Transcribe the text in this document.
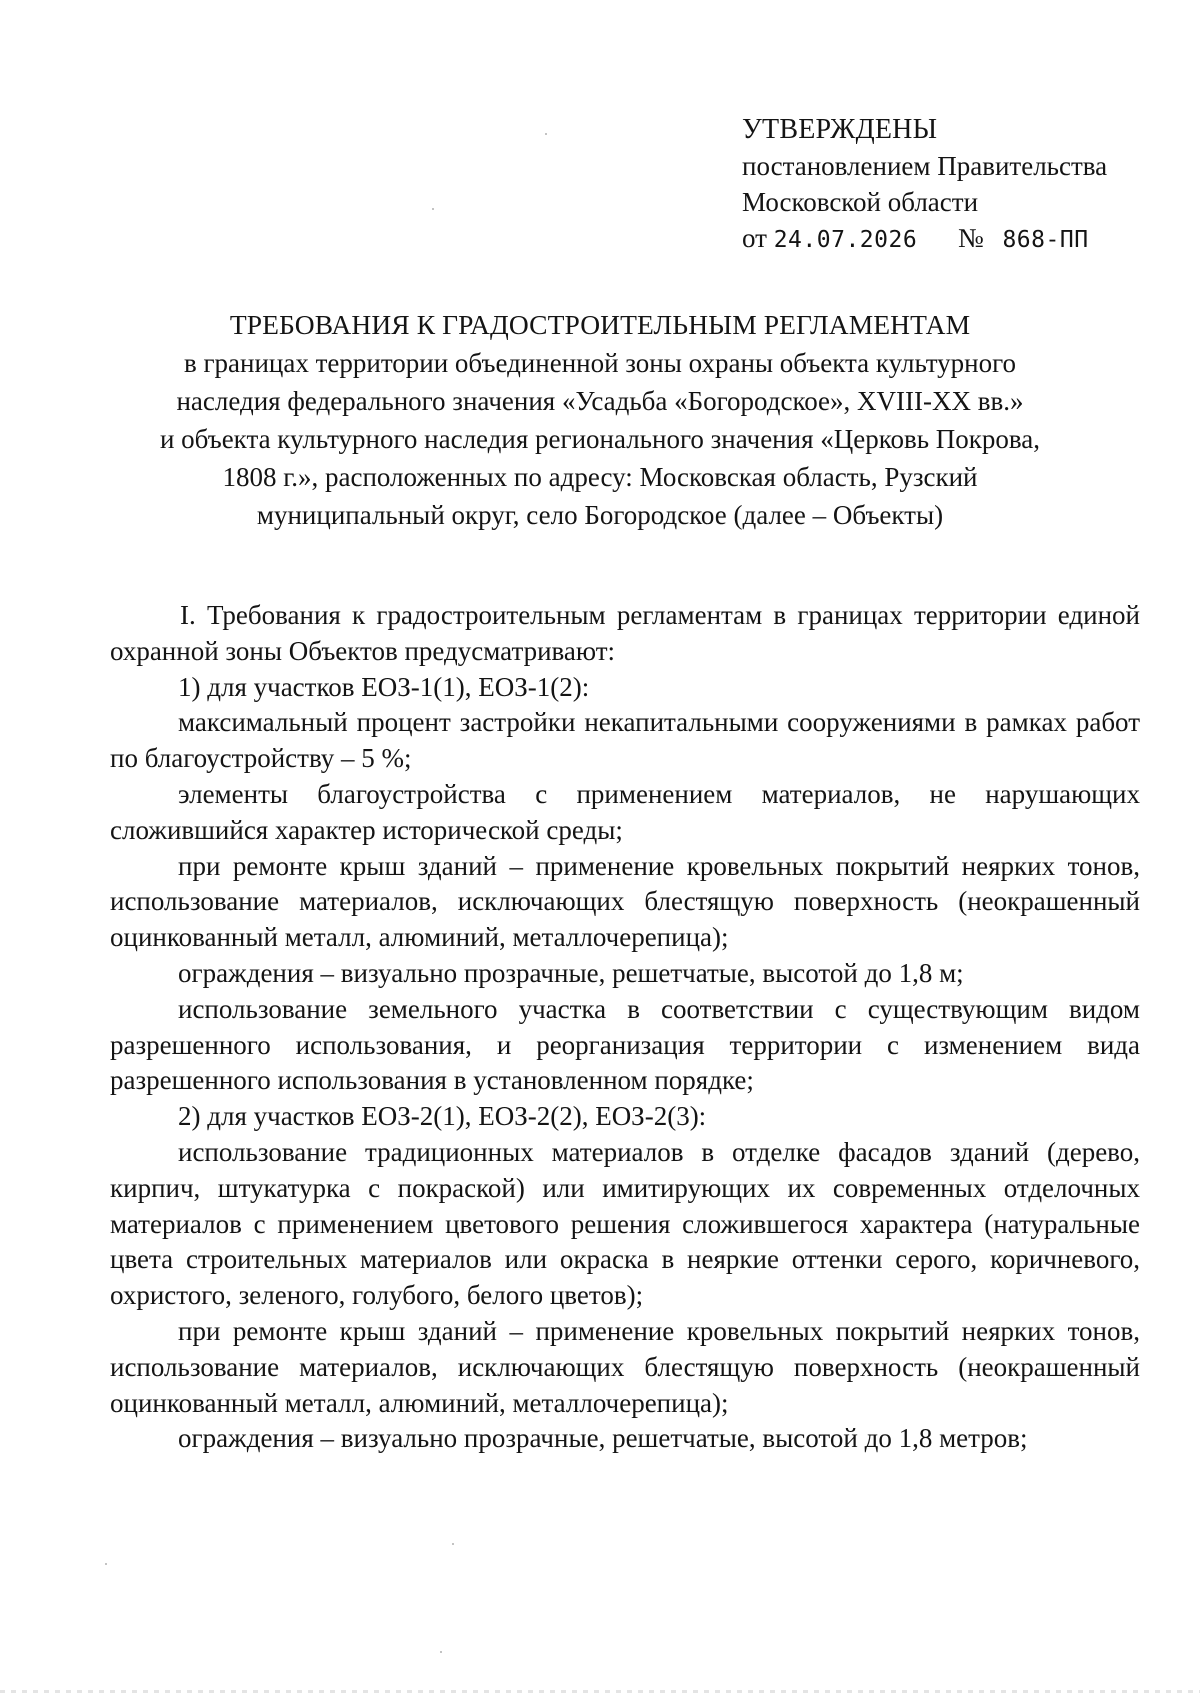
УТВЕРЖДЕНЫ
постановлением Правительства
Московской области
от 24.07.2026 № 868-ПП
ТРЕБОВАНИЯ К ГРАДОСТРОИТЕЛЬНЫМ РЕГЛАМЕНТАМ
в границах территории объединенной зоны охраны объекта культурного
наследия федерального значения «Усадьба «Богородское», XVIII-XX вв.»
и объекта культурного наследия регионального значения «Церковь Покрова,
1808 г.», расположенных по адресу: Московская область, Рузский
муниципальный округ, село Богородское (далее – Объекты)

I. Требования к градостроительным регламентам в границах территории единой охранной зоны Объектов предусматривают:

1) для участков ЕОЗ-1(1), ЕОЗ-1(2):

максимальный процент застройки некапитальными сооружениями в рамках работ по благоустройству – 5 %;

элементы благоустройства с применением материалов, не нарушающих сложившийся характер исторической среды;

при ремонте крыш зданий – применение кровельных покрытий неярких тонов, использование материалов, исключающих блестящую поверхность (неокрашенный оцинкованный металл, алюминий, металлочерепица);

ограждения – визуально прозрачные, решетчатые, высотой до 1,8 м;

использование земельного участка в соответствии с существующим видом разрешенного использования, и реорганизация территории с изменением вида разрешенного использования в установленном порядке;

2) для участков ЕОЗ-2(1), ЕОЗ-2(2), ЕОЗ-2(3):

использование традиционных материалов в отделке фасадов зданий (дерево, кирпич, штукатурка с покраской) или имитирующих их современных отделочных материалов с применением цветового решения сложившегося характера (натуральные цвета строительных материалов или окраска в неяркие оттенки серого, коричневого, охристого, зеленого, голубого, белого цветов);

при ремонте крыш зданий – применение кровельных покрытий неярких тонов, использование материалов, исключающих блестящую поверхность (неокрашенный оцинкованный металл, алюминий, металлочерепица);

ограждения – визуально прозрачные, решетчатые, высотой до 1,8 метров;
